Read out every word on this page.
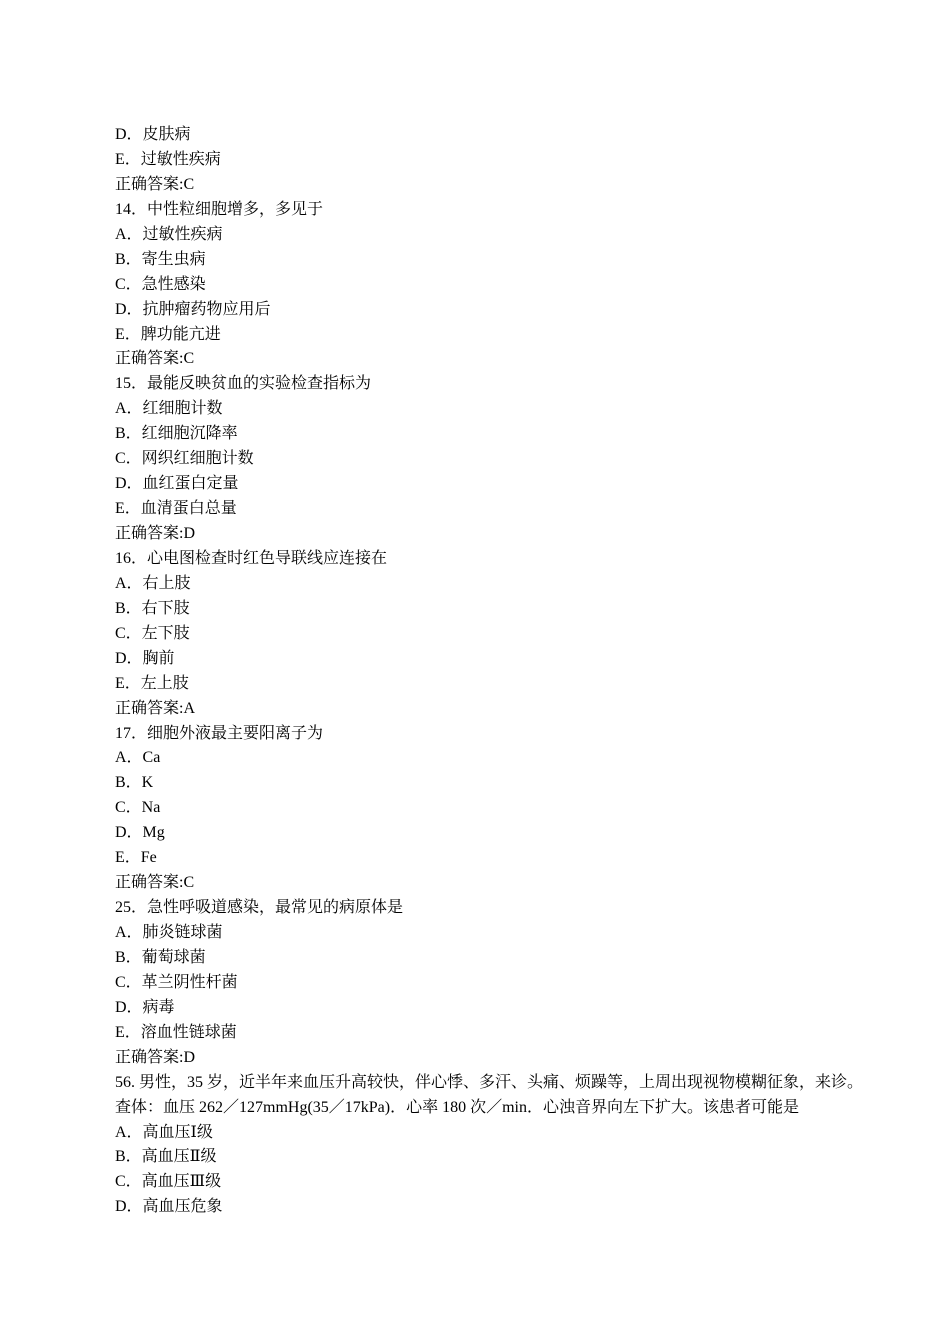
D．皮肤病
E．过敏性疾病
正确答案:C
14．中性粒细胞增多，多见于
A．过敏性疾病
B．寄生虫病
C．急性感染
D．抗肿瘤药物应用后
E．脾功能亢进
正确答案:C
15．最能反映贫血的实验检查指标为
A．红细胞计数
B．红细胞沉降率
C．网织红细胞计数
D．血红蛋白定量
E．血清蛋白总量
正确答案:D
16．心电图检查时红色导联线应连接在
A．右上肢
B．右下肢
C．左下肢
D．胸前
E．左上肢
正确答案:A
17．细胞外液最主要阳离子为
A．Ca
B．K
C．Na
D．Mg
E．Fe
正确答案:C
25．急性呼吸道感染，最常见的病原体是
A．肺炎链球菌
B．葡萄球菌
C．革兰阴性杆菌
D．病毒
E．溶血性链球菌
正确答案:D
56. 男性，35 岁，近半年来血压升高较快，伴心悸、多汗、头痛、烦躁等，上周出现视物模糊征象，来诊。
查体：血压 262／127mmHg(35／17kPa)．心率 180 次／min．心浊音界向左下扩大。该患者可能是
A．高血压Ⅰ级
B．高血压Ⅱ级
C．高血压Ⅲ级
D．高血压危象
